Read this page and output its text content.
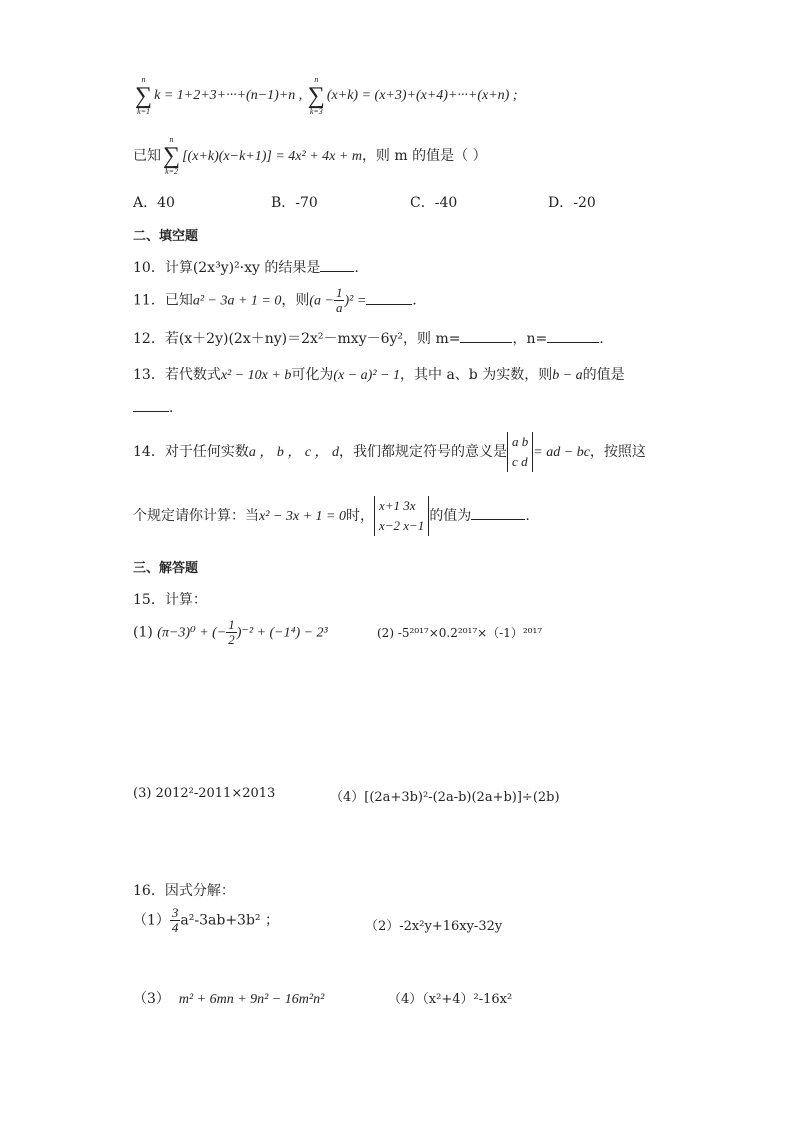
n
∑
k=1
k = 1+2+3+···+(n−1)+n ,
n
∑
k=3
(x+k) = (x+3)+(x+4)+···+(x+n) ;
已知
n
∑
k=2
[(x+k)(x−k+1)] = 4x² + 4x + m，则 m 的值是（ ）
A．40	B．-70	C．-40	D．-20
二、填空题
10．计算(2x³y)²·xy 的结果是 .
11．已知a² − 3a + 1 = 0，则$(a - \frac{1}{a} )^2$ =	.
12．若(x＋2y)(2x＋ny)＝2x²－mxy－6y²，则 m=	，n=	.
13．若代数式x² − 10x + b可化为(x − a)² − 1，其中 a、b 为实数，则b − a的值是
.
14．对于任何实数a ， b ， c ， d，我们都规定符号的意义是
a b
c d
= ad − bc，按照这
个规定请你计算：当x² − 3x + 1 = 0时，
x+1 3x
x−2 x−1
的值为	.
三、解答题
15．计算：
(1) (π−3)⁰ + (− $\frac{1}{2} )^{-2} + (-1^4) - 2^3$	(2) -5²⁰¹⁷×0.2²⁰¹⁷×（-1）²⁰¹⁷
(3) 2012²-2011×2013	（4）[(2a+3b)²-(2a-b)(2a+b)]÷(2b)
16．因式分解：
$(1) \frac{3}{4} a^2-3ab+3b^2$ ；	（2）-2x²y+16xy-32y
（3） m² + 6mn + 9n² − 16m²n²	（4）（x²+4）²-16x²
